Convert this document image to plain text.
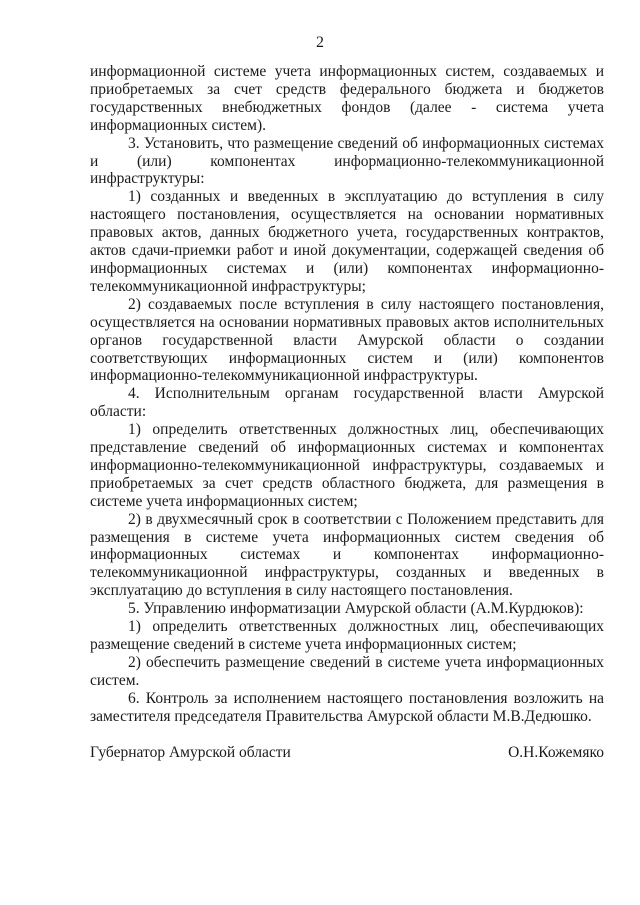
2

информационной системе учета информационных систем, создаваемых и приобретаемых за счет средств федерального бюджета и бюджетов государственных внебюджетных фондов (далее - система учета информационных систем).

3. Установить, что размещение сведений об информационных системах и (или) компонентах информационно-телекоммуникационной инфраструктуры:

1) созданных и введенных в эксплуатацию до вступления в силу настоящего постановления, осуществляется на основании нормативных правовых актов, данных бюджетного учета, государственных контрактов, актов сдачи-приемки работ и иной документации, содержащей сведения об информационных системах и (или) компонентах информационно-телекоммуникационной инфраструктуры;

2) создаваемых после вступления в силу настоящего постановления, осуществляется на основании нормативных правовых актов исполнительных органов государственной власти Амурской области о создании соответствующих информационных систем и (или) компонентов информационно-телекоммуникационной инфраструктуры.

4. Исполнительным органам государственной власти Амурской области:

1) определить ответственных должностных лиц, обеспечивающих представление сведений об информационных системах и компонентах информационно-телекоммуникационной инфраструктуры, создаваемых и приобретаемых за счет средств областного бюджета, для размещения в системе учета информационных систем;

2) в двухмесячный срок в соответствии с Положением представить для размещения в системе учета информационных систем сведения об информационных системах и компонентах информационно-телекоммуникационной инфраструктуры, созданных и введенных в эксплуатацию до вступления в силу настоящего постановления.

5. Управлению информатизации Амурской области (А.М.Курдюков):

1) определить ответственных должностных лиц, обеспечивающих размещение сведений в системе учета информационных систем;

2) обеспечить размещение сведений в системе учета информационных систем.

6. Контроль за исполнением настоящего постановления возложить на заместителя председателя Правительства Амурской области М.В.Дедюшко.

Губернатор Амурской области	О.Н.Кожемяко
